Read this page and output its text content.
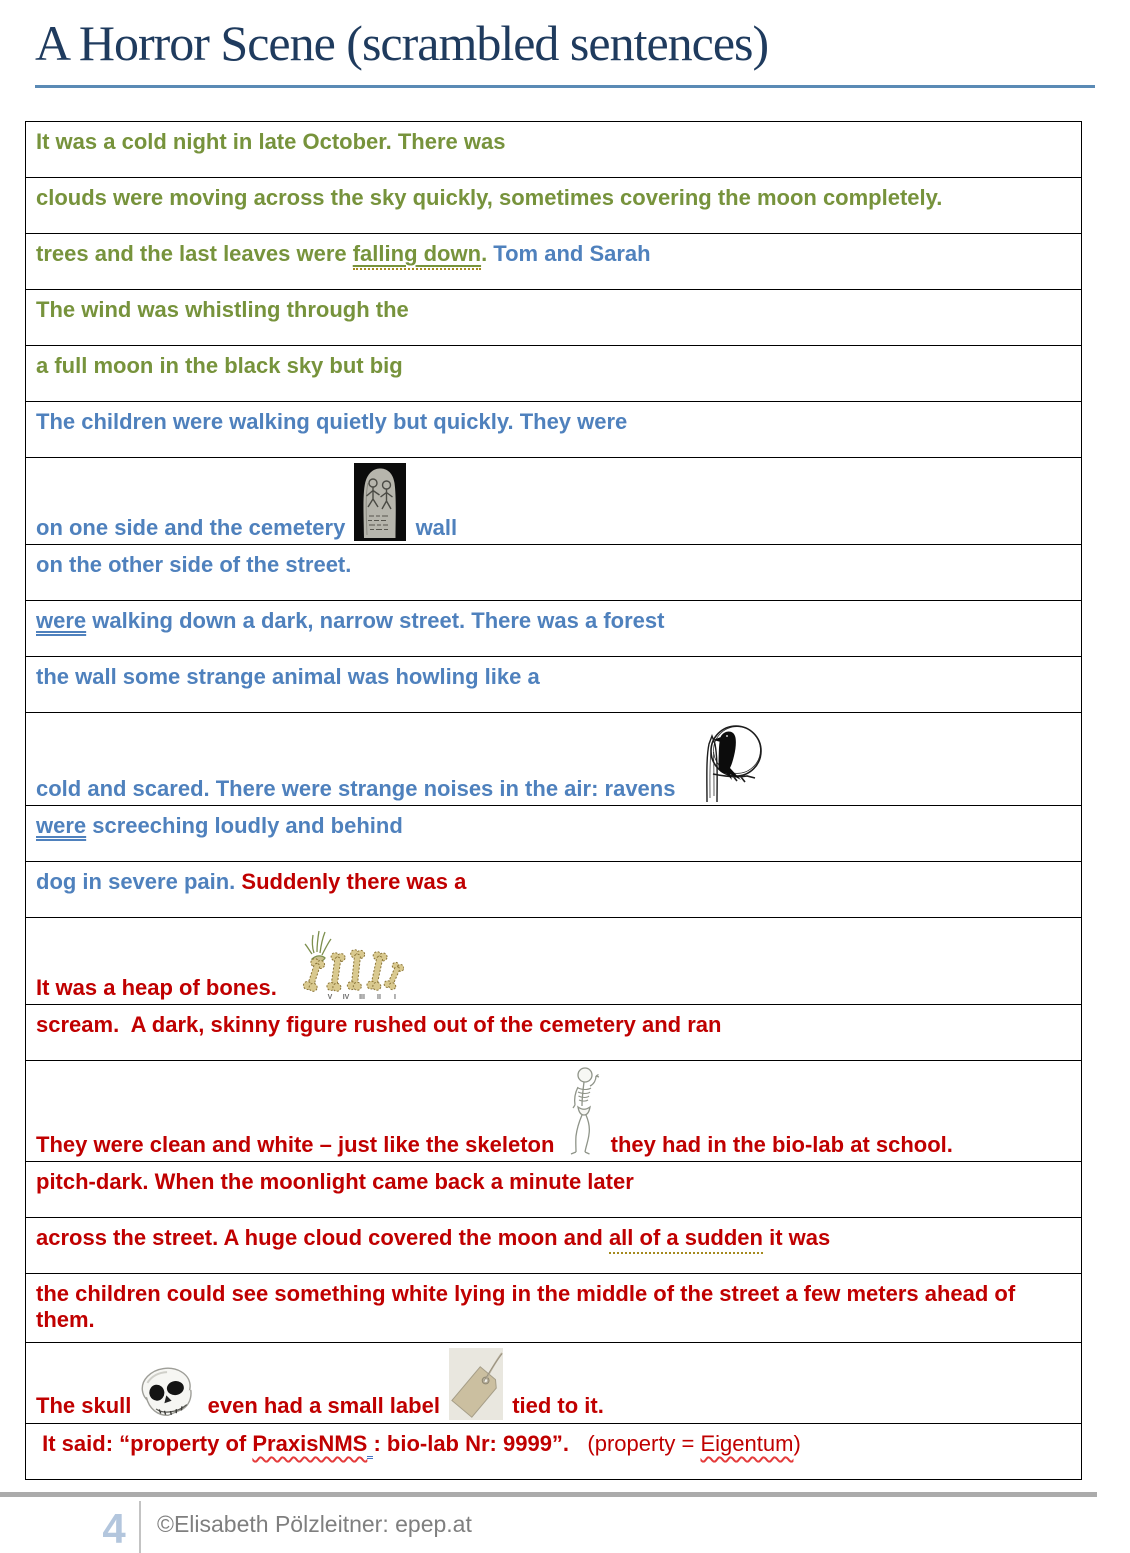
A Horror Scene (scrambled sentences)
It was a cold night in late October. There was
clouds were moving across the sky quickly, sometimes covering the moon completely.
trees and the last leaves were falling down. Tom and Sarah
The wind was whistling through the
a full moon in the black sky but big
The children were walking quietly but quickly. They were
on one side and the cemetery	wall
on the other side of the street.
were walking down a dark, narrow street. There was a forest
the wall some strange animal was howling like a
cold and scared. There were strange noises in the air: ravens
were screeching loudly and behind
dog in severe pain. Suddenly there was a
It was a heap of bones.	V IV III II I
scream.  A dark, skinny figure rushed out of the cemetery and ran
They were clean and white – just like the skeleton they had in the bio-lab at school.
pitch-dark. When the moonlight came back a minute later
across the street. A huge cloud covered the moon and all of a sudden it was
the children could see something white lying in the middle of the street a few meters ahead of them.
The skull	even had a small label	tied to it.
It said: “property of PraxisNMS : bio-lab Nr: 9999”.   (property = Eigentum)
4	©Elisabeth Pölzleitner: epep.at
